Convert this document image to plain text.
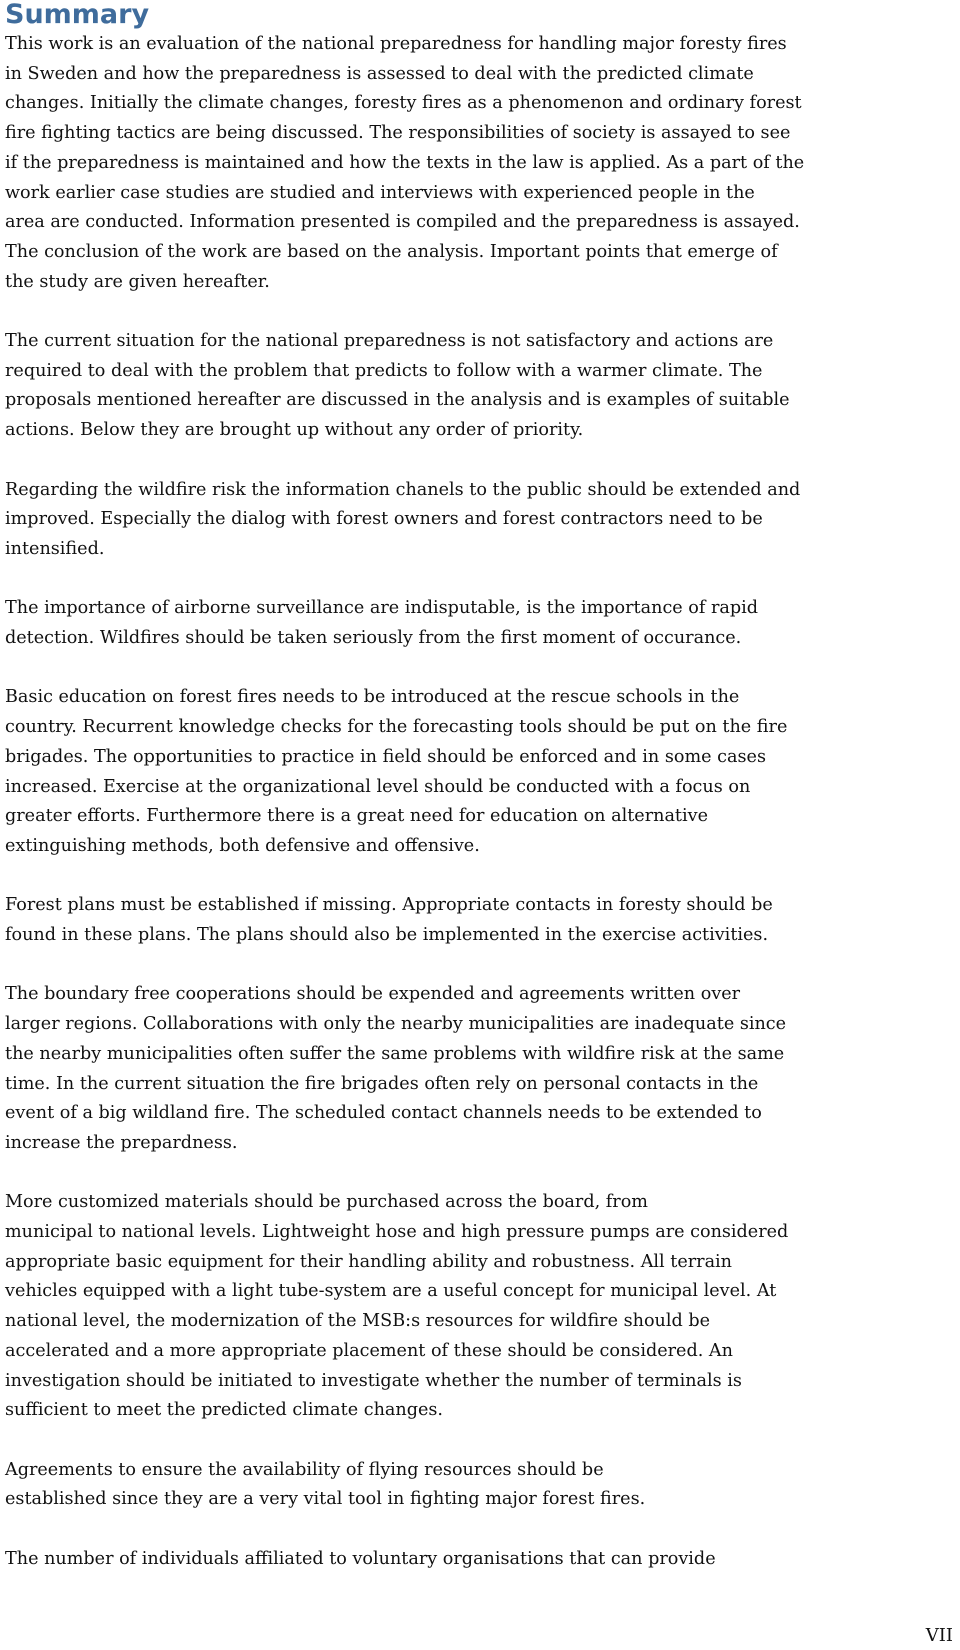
Summary

This work is an evaluation of the national preparedness for handling major foresty fires
in Sweden and how the preparedness is assessed to deal with the predicted climate
changes. Initially the climate changes, foresty fires as a phenomenon and ordinary forest
fire fighting tactics are being discussed. The responsibilities of society is assayed to see
if the preparedness is maintained and how the texts in the law is applied. As a part of the
work earlier case studies are studied and interviews with experienced people in the
area are conducted. Information presented is compiled and the preparedness is assayed.
The conclusion of the work are based on the analysis. Important points that emerge of
the study are given hereafter.

The current situation for the national preparedness is not satisfactory and actions are
required to deal with the problem that predicts to follow with a warmer climate. The
proposals mentioned hereafter are discussed in the analysis and is examples of suitable
actions. Below they are brought up without any order of priority.

Regarding the wildfire risk the information chanels to the public should be extended and
improved. Especially the dialog with forest owners and forest contractors need to be
intensified.

The importance of airborne surveillance are indisputable, is the importance of rapid
detection. Wildfires should be taken seriously from the first moment of occurance.

Basic education on forest fires needs to be introduced at the rescue schools in the
country. Recurrent knowledge checks for the forecasting tools should be put on the fire
brigades. The opportunities to practice in field should be enforced and in some cases
increased. Exercise at the organizational level should be conducted with a focus on
greater efforts. Furthermore there is a great need for education on alternative
extinguishing methods, both defensive and offensive.

Forest plans must be established if missing. Appropriate contacts in foresty should be
found in these plans. The plans should also be implemented in the exercise activities.

The boundary free cooperations should be expended and agreements written over
larger regions. Collaborations with only the nearby municipalities are inadequate since
the nearby municipalities often suffer the same problems with wildfire risk at the same
time. In the current situation the fire brigades often rely on personal contacts in the
event of a big wildland fire. The scheduled contact channels needs to be extended to
increase the prepardness.

More customized materials should be purchased across the board, from
municipal to national levels. Lightweight hose and high pressure pumps are considered
appropriate basic equipment for their handling ability and robustness. All terrain
vehicles equipped with a light tube-system are a useful concept for municipal level. At
national level, the modernization of the MSB:s resources for wildfire should be
accelerated and a more appropriate placement of these should be considered. An
investigation should be initiated to investigate whether the number of terminals is
sufficient to meet the predicted climate changes.

Agreements to ensure the availability of flying resources should be
established since they are a very vital tool in fighting major forest fires.

The number of individuals affiliated to voluntary organisations that can provide

VII
